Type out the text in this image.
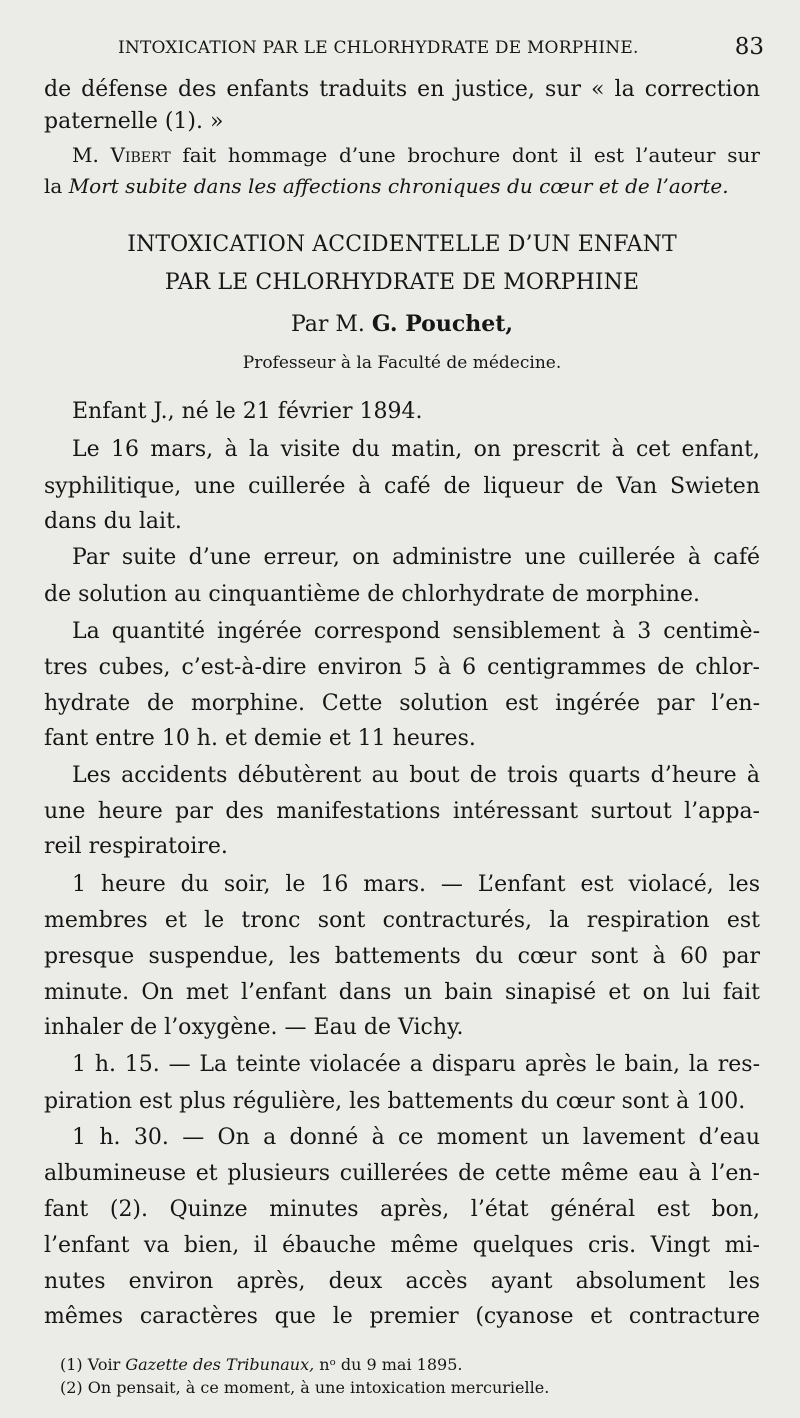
INTOXICATION PAR LE CHLORHYDRATE DE MORPHINE.	83
de défense des enfants traduits en justice, sur « la correction
paternelle (1). »
M. Vibert fait hommage d’une brochure dont il est l’auteur sur
la Mort subite dans les affections chroniques du cœur et de l’aorte.
INTOXICATION ACCIDENTELLE D’UN ENFANT
PAR LE CHLORHYDRATE DE MORPHINE
Par M. G. Pouchet,
Professeur à la Faculté de médecine.
Enfant J., né le 21 février 1894.
Le 16 mars, à la visite du matin, on prescrit à cet enfant,
syphilitique, une cuillerée à café de liqueur de Van Swieten
dans du lait.
Par suite d’une erreur, on administre une cuillerée à café
de solution au cinquantième de chlorhydrate de morphine.
La quantité ingérée correspond sensiblement à 3 centimè-
tres cubes, c’est-à-dire environ 5 à 6 centigrammes de chlor-
hydrate de morphine. Cette solution est ingérée par l’en-
fant entre 10 h. et demie et 11 heures.
Les accidents débutèrent au bout de trois quarts d’heure à
une heure par des manifestations intéressant surtout l’appa-
reil respiratoire.
1 heure du soir, le 16 mars. — L’enfant est violacé, les
membres et le tronc sont contracturés, la respiration est
presque suspendue, les battements du cœur sont à 60 par
minute. On met l’enfant dans un bain sinapisé et on lui fait
inhaler de l’oxygène. — Eau de Vichy.
1 h. 15. — La teinte violacée a disparu après le bain, la res-
piration est plus régulière, les battements du cœur sont à 100.
1 h. 30. — On a donné à ce moment un lavement d’eau
albumineuse et plusieurs cuillerées de cette même eau à l’en-
fant (2). Quinze minutes après, l’état général est bon,
l’enfant va bien, il ébauche même quelques cris. Vingt mi-
nutes environ après, deux accès ayant absolument les
mêmes caractères que le premier (cyanose et contracture
(1) Voir Gazette des Tribunaux, nᵒ du 9 mai 1895.
(2) On pensait, à ce moment, à une intoxication mercurielle.
